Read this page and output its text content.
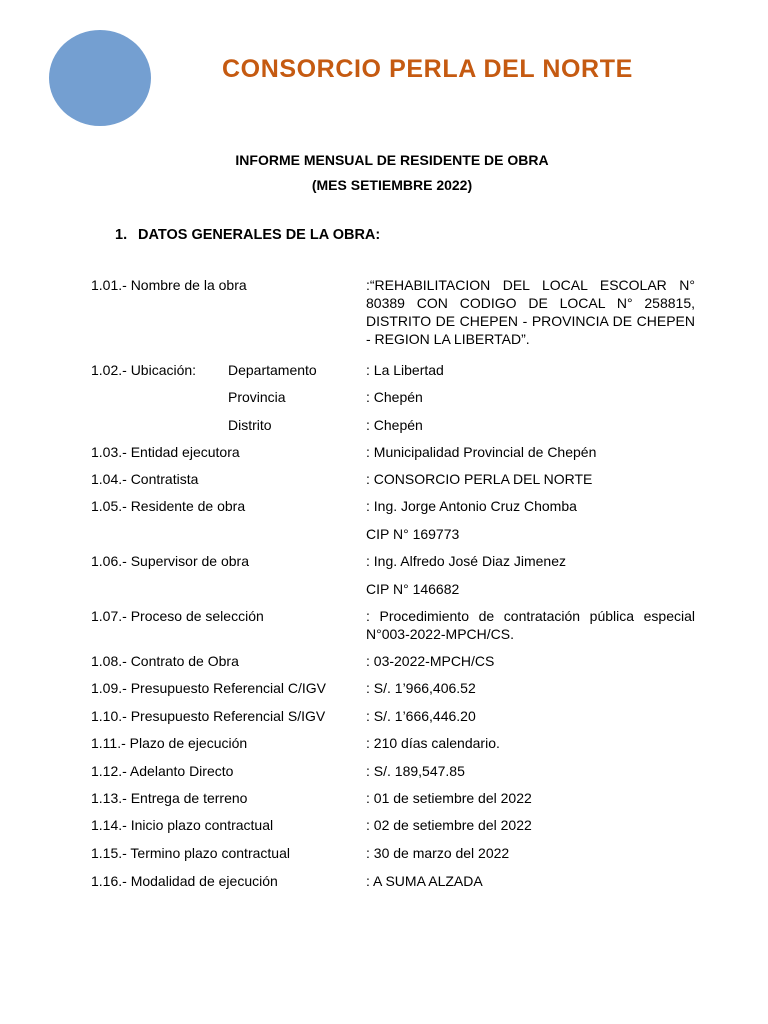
CONSORCIO PERLA DEL NORTE
INFORME MENSUAL DE RESIDENTE DE OBRA
(MES SETIEMBRE 2022)
1. DATOS GENERALES DE LA OBRA:
1.01.- Nombre de la obra	:“REHABILITACION DEL LOCAL ESCOLAR N° 80389 CON CODIGO DE LOCAL N° 258815, DISTRITO DE CHEPEN - PROVINCIA DE CHEPEN - REGION LA LIBERTAD”.
1.02.- Ubicación: Departamento	: La Libertad
Provincia	: Chepén
Distrito	: Chepén
1.03.- Entidad ejecutora	: Municipalidad Provincial de Chepén
1.04.- Contratista	: CONSORCIO PERLA DEL NORTE
1.05.- Residente de obra	: Ing. Jorge Antonio Cruz Chomba
CIP N° 169773
1.06.- Supervisor de obra	: Ing. Alfredo José Diaz Jimenez
CIP N° 146682
1.07.- Proceso de selección	: Procedimiento de contratación pública especial N°003-2022-MPCH/CS.
1.08.- Contrato de Obra	: 03-2022-MPCH/CS
1.09.- Presupuesto Referencial C/IGV	: S/. 1’966,406.52
1.10.- Presupuesto Referencial S/IGV	: S/. 1’666,446.20
1.11.- Plazo de ejecución	: 210 días calendario.
1.12.- Adelanto Directo	: S/. 189,547.85
1.13.- Entrega de terreno	: 01 de setiembre del 2022
1.14.- Inicio plazo contractual	: 02 de setiembre del 2022
1.15.- Termino plazo contractual	: 30 de marzo del 2022
1.16.- Modalidad de ejecución	: A SUMA ALZADA
